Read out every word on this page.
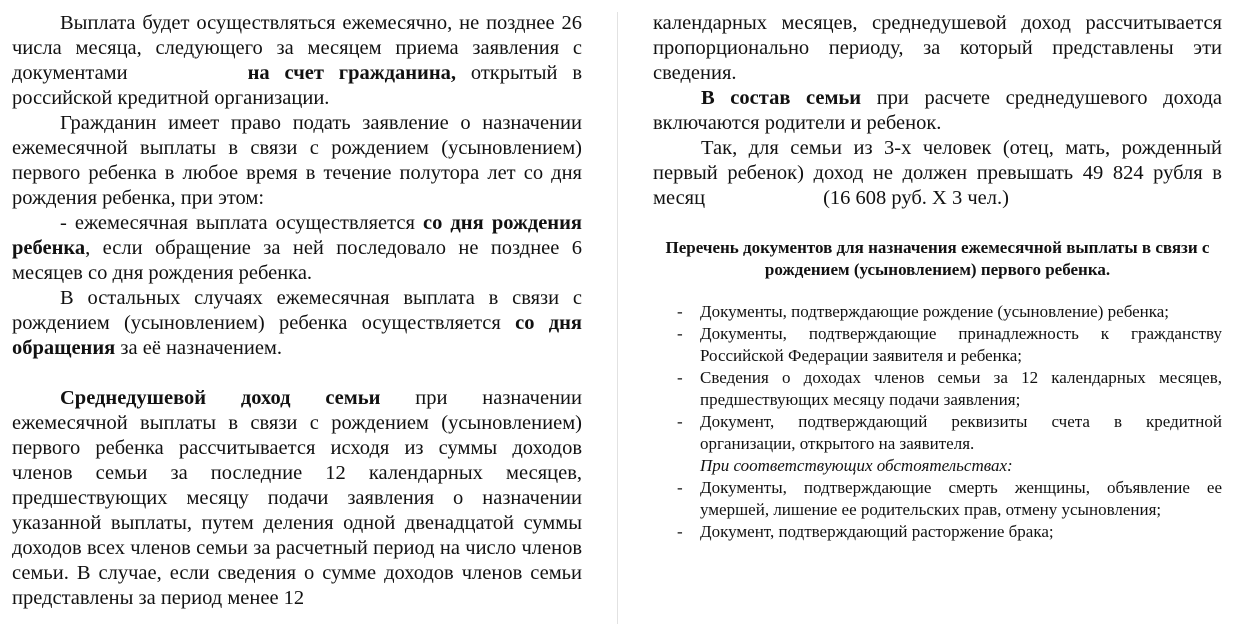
Выплата будет осуществляться ежемесячно, не позднее 26 числа месяца, следующего за месяцем приема заявления с документами	на счет гражданина, открытый в российской кредитной организации.

Гражданин имеет право подать заявление о назначении ежемесячной выплаты в связи с рождением (усыновлением) первого ребенка в любое время в течение полутора лет со дня рождения ребенка, при этом:

- ежемесячная выплата осуществляется со дня рождения ребенка, если обращение за ней последовало не позднее 6 месяцев со дня рождения ребенка.

В остальных случаях ежемесячная выплата в связи с рождением (усыновлением) ребенка осуществляется со дня обращения за её назначением.

Среднедушевой доход семьи при назначении ежемесячной выплаты в связи с рождением (усыновлением) первого ребенка рассчитывается исходя из суммы доходов членов семьи за последние 12 календарных месяцев, предшествующих месяцу подачи заявления о назначении указанной выплаты, путем деления одной двенадцатой суммы доходов всех членов семьи за расчетный период на число членов семьи. В случае, если сведения о сумме доходов членов семьи представлены за период менее 12

календарных месяцев, среднедушевой доход рассчитывается пропорционально периоду, за который представлены эти сведения.

В состав семьи при расчете среднедушевого дохода включаются родители и ребенок.

Так, для семьи из 3-х человек (отец, мать, рожденный первый ребенок) доход не должен превышать 49 824 рубля в месяц	(16 608 руб. Х 3 чел.)

Перечень документов для назначения ежемесячной выплаты в связи с рождением (усыновлением) первого ребенка.
- Документы, подтверждающие рождение (усыновление) ребенка;
- Документы, подтверждающие принадлежность к гражданству Российской Федерации заявителя и ребенка;
- Сведения о доходах членов семьи за 12 календарных месяцев, предшествующих месяцу подачи заявления;
- Документ, подтверждающий реквизиты счета в кредитной организации, открытого на заявителя.
При соответствующих обстоятельствах:
- Документы, подтверждающие смерть женщины, объявление ее умершей, лишение ее родительских прав, отмену усыновления;
- Документ, подтверждающий расторжение брака;
